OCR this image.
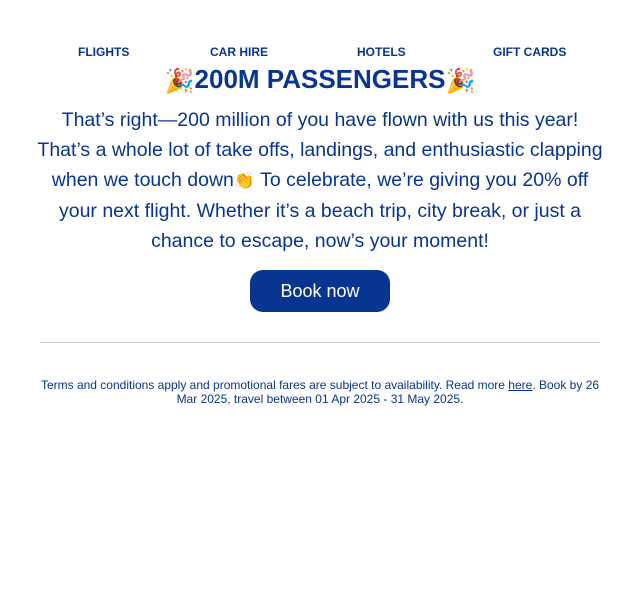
FLIGHTS	CAR HIRE	HOTELS	GIFT CARDS
🎉200M PASSENGERS🎉

That’s right—200 million of you have flown with us this year! That’s a whole lot of take offs, landings, and enthusiastic clapping when we touch down👏 To celebrate, we’re giving you 20% off your next flight. Whether it’s a beach trip, city break, or just a chance to escape, now’s your moment!

Book now

Terms and conditions apply and promotional fares are subject to availability. Read more here. Book by 26 Mar 2025, travel between 01 Apr 2025 - 31 May 2025.
